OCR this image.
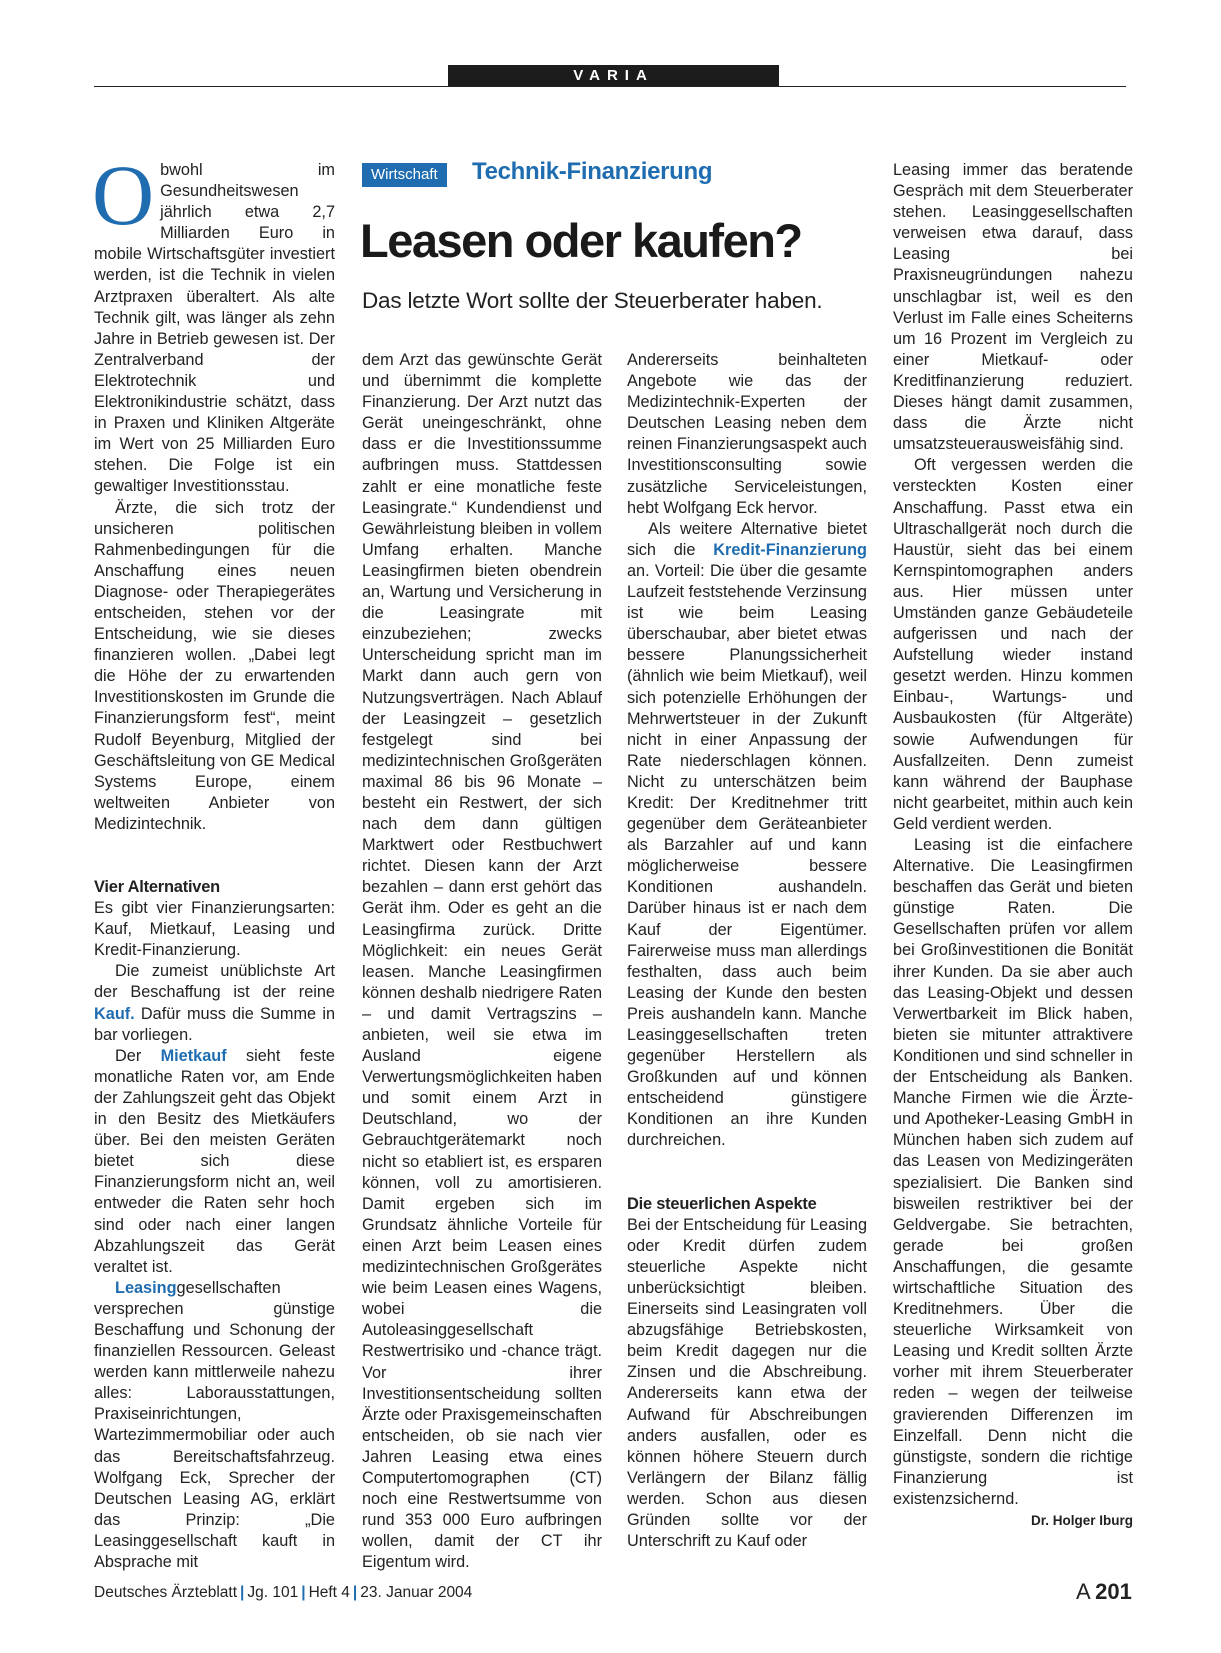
VARIA
Wirtschaft	Technik-Finanzierung
Leasen oder kaufen?
Das letzte Wort sollte der Steuerberater haben.

Obwohl im Gesundheitswesen jährlich etwa 2,7 Milliarden Euro in mobile Wirtschaftsgüter investiert werden, ist die Technik in vielen Arztpraxen überaltert. Als alte Technik gilt, was länger als zehn Jahre in Betrieb gewesen ist. Der Zentralverband der Elektrotechnik und Elektronikindustrie schätzt, dass in Praxen und Kliniken Altgeräte im Wert von 25 Milliarden Euro stehen. Die Folge ist ein gewaltiger Investitionsstau.

Ärzte, die sich trotz der unsicheren politischen Rahmenbedingungen für die Anschaffung eines neuen Diagnose- oder Therapiegerätes entscheiden, stehen vor der Entscheidung, wie sie dieses finanzieren wollen. „Dabei legt die Höhe der zu erwartenden Investitionskosten im Grunde die Finanzierungsform fest“, meint Rudolf Beyenburg, Mitglied der Geschäftsleitung von GE Medical Systems Europe, einem weltweiten Anbieter von Medizintechnik.

Vier Alternativen

Es gibt vier Finanzierungsarten: Kauf, Mietkauf, Leasing und Kredit-Finanzierung.

Die zumeist unüblichste Art der Beschaffung ist der reine Kauf. Dafür muss die Summe in bar vorliegen.

Der Mietkauf sieht feste monatliche Raten vor, am Ende der Zahlungszeit geht das Objekt in den Besitz des Mietkäufers über. Bei den meisten Geräten bietet sich diese Finanzierungsform nicht an, weil entweder die Raten sehr hoch sind oder nach einer langen Abzahlungszeit das Gerät veraltet ist.

Leasinggesellschaften versprechen günstige Beschaffung und Schonung der finanziellen Ressourcen. Geleast werden kann mittlerweile nahezu alles: Laborausstattungen, Praxiseinrichtungen, Wartezimmermobiliar oder auch das Bereitschaftsfahrzeug. Wolfgang Eck, Sprecher der Deutschen Leasing AG, erklärt das Prinzip: „Die Leasinggesellschaft kauft in Absprache mit

dem Arzt das gewünschte Gerät und übernimmt die komplette Finanzierung. Der Arzt nutzt das Gerät uneingeschränkt, ohne dass er die Investitionssumme aufbringen muss. Stattdessen zahlt er eine monatliche feste Leasingrate.“ Kundendienst und Gewährleistung bleiben in vollem Umfang erhalten. Manche Leasingfirmen bieten obendrein an, Wartung und Versicherung in die Leasingrate mit einzubeziehen; zwecks Unterscheidung spricht man im Markt dann auch gern von Nutzungsverträgen. Nach Ablauf der Leasingzeit – gesetzlich festgelegt sind bei medizintechnischen Großgeräten maximal 86 bis 96 Monate – besteht ein Restwert, der sich nach dem dann gültigen Marktwert oder Restbuchwert richtet. Diesen kann der Arzt bezahlen – dann erst gehört das Gerät ihm. Oder es geht an die Leasingfirma zurück. Dritte Möglichkeit: ein neues Gerät leasen. Manche Leasingfirmen können deshalb niedrigere Raten – und damit Vertragszins – anbieten, weil sie etwa im Ausland eigene Verwertungsmöglichkeiten haben und somit einem Arzt in Deutschland, wo der Gebrauchtgerätemarkt noch nicht so etabliert ist, es ersparen können, voll zu amortisieren. Damit ergeben sich im Grundsatz ähnliche Vorteile für einen Arzt beim Leasen eines medizintechnischen Großgerätes wie beim Leasen eines Wagens, wobei die Autoleasinggesellschaft Restwertrisiko und -chance trägt. Vor ihrer Investitionsentscheidung sollten Ärzte oder Praxisgemeinschaften entscheiden, ob sie nach vier Jahren Leasing etwa eines Computertomographen (CT) noch eine Restwertsumme von rund 353 000 Euro aufbringen wollen, damit der CT ihr Eigentum wird.

Andererseits beinhalteten Angebote wie das der Medizintechnik-Experten der Deutschen Leasing neben dem reinen Finanzierungsaspekt auch Investitionsconsulting sowie zusätzliche Serviceleistungen, hebt Wolfgang Eck hervor.

Als weitere Alternative bietet sich die Kredit-Finanzierung an. Vorteil: Die über die gesamte Laufzeit feststehende Verzinsung ist wie beim Leasing überschaubar, aber bietet etwas bessere Planungssicherheit (ähnlich wie beim Mietkauf), weil sich potenzielle Erhöhungen der Mehrwertsteuer in der Zukunft nicht in einer Anpassung der Rate niederschlagen können. Nicht zu unterschätzen beim Kredit: Der Kreditnehmer tritt gegenüber dem Geräteanbieter als Barzahler auf und kann möglicherweise bessere Konditionen aushandeln. Darüber hinaus ist er nach dem Kauf der Eigentümer. Fairerweise muss man allerdings festhalten, dass auch beim Leasing der Kunde den besten Preis aushandeln kann. Manche Leasinggesellschaften treten gegenüber Herstellern als Großkunden auf und können entscheidend günstigere Konditionen an ihre Kunden durchreichen.

Die steuerlichen Aspekte

Bei der Entscheidung für Leasing oder Kredit dürfen zudem steuerliche Aspekte nicht unberücksichtigt bleiben. Einerseits sind Leasingraten voll abzugsfähige Betriebskosten, beim Kredit dagegen nur die Zinsen und die Abschreibung. Andererseits kann etwa der Aufwand für Abschreibungen anders ausfallen, oder es können höhere Steuern durch Verlängern der Bilanz fällig werden. Schon aus diesen Gründen sollte vor der Unterschrift zu Kauf oder

Leasing immer das beratende Gespräch mit dem Steuerberater stehen. Leasinggesellschaften verweisen etwa darauf, dass Leasing bei Praxisneugründungen nahezu unschlagbar ist, weil es den Verlust im Falle eines Scheiterns um 16 Prozent im Vergleich zu einer Mietkauf- oder Kreditfinanzierung reduziert. Dieses hängt damit zusammen, dass die Ärzte nicht umsatzsteuerausweisfähig sind.

Oft vergessen werden die versteckten Kosten einer Anschaffung. Passt etwa ein Ultraschallgerät noch durch die Haustür, sieht das bei einem Kernspintomographen anders aus. Hier müssen unter Umständen ganze Gebäudeteile aufgerissen und nach der Aufstellung wieder instand gesetzt werden. Hinzu kommen Einbau-, Wartungs- und Ausbaukosten (für Altgeräte) sowie Aufwendungen für Ausfallzeiten. Denn zumeist kann während der Bauphase nicht gearbeitet, mithin auch kein Geld verdient werden.

Leasing ist die einfachere Alternative. Die Leasingfirmen beschaffen das Gerät und bieten günstige Raten. Die Gesellschaften prüfen vor allem bei Großinvestitionen die Bonität ihrer Kunden. Da sie aber auch das Leasing-Objekt und dessen Verwertbarkeit im Blick haben, bieten sie mitunter attraktivere Konditionen und sind schneller in der Entscheidung als Banken. Manche Firmen wie die Ärzte- und Apotheker-Leasing GmbH in München haben sich zudem auf das Leasen von Medizingeräten spezialisiert. Die Banken sind bisweilen restriktiver bei der Geldvergabe. Sie betrachten, gerade bei großen Anschaffungen, die gesamte wirtschaftliche Situation des Kreditnehmers. Über die steuerliche Wirksamkeit von Leasing und Kredit sollten Ärzte vorher mit ihrem Steuerberater reden – wegen der teilweise gravierenden Differenzen im Einzelfall. Denn nicht die günstigste, sondern die richtige Finanzierung ist existenzsichernd.
Dr. Holger Iburg

Deutsches Ärzteblatt | Jg. 101 | Heft 4 | 23. Januar 2004	A  201
